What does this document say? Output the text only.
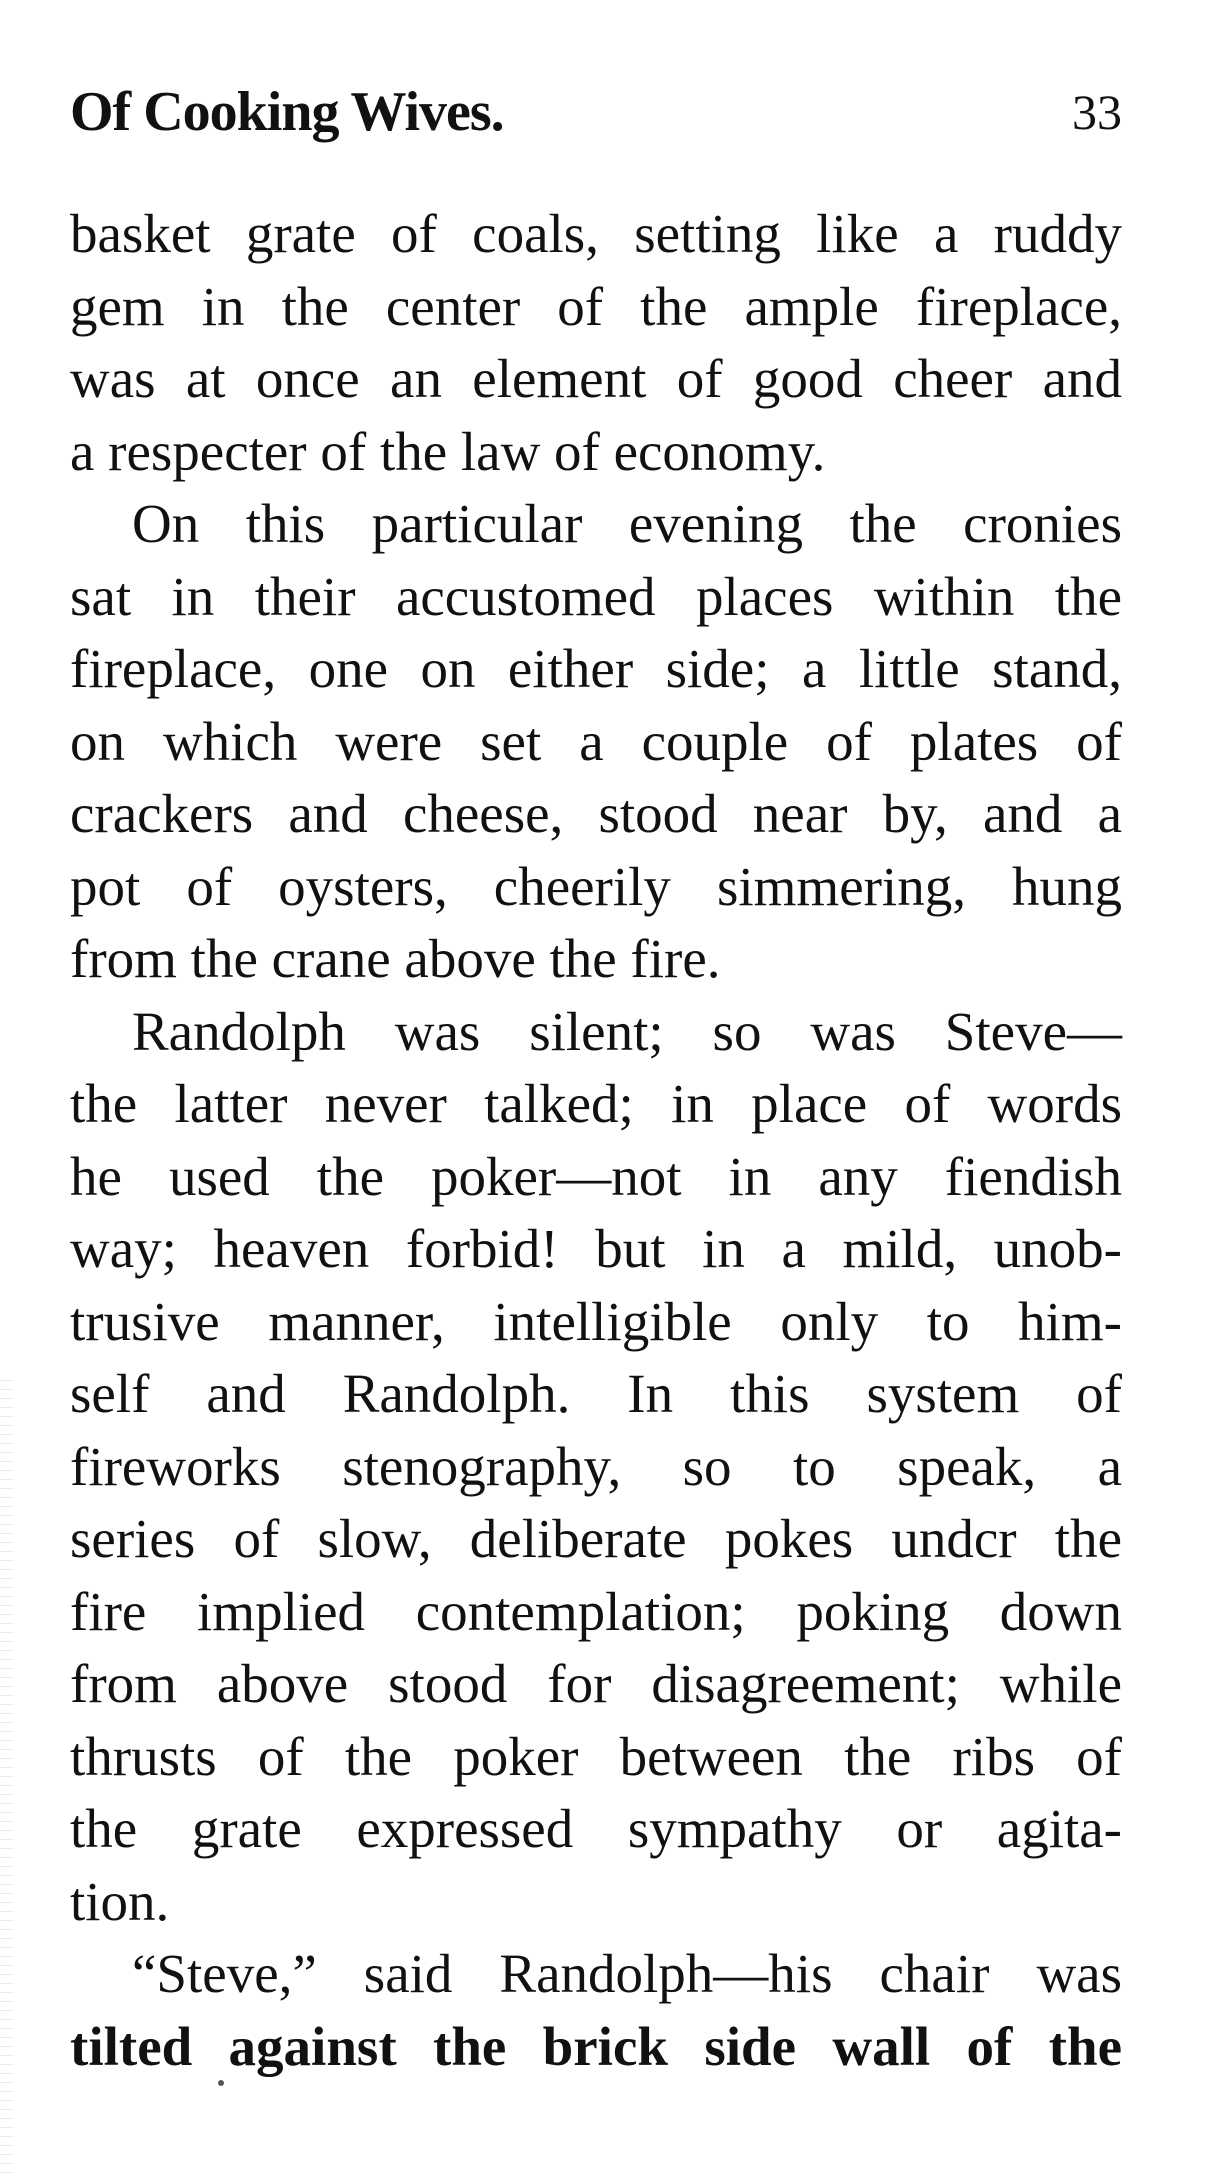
Of Cooking Wives.	33
basket grate of coals, setting like a ruddy
gem in the center of the ample fireplace,
was at once an element of good cheer and
a respecter of the law of economy.
On this particular evening the cronies
sat in their accustomed places within the
fireplace, one on either side; a little stand,
on which were set a couple of plates of
crackers and cheese, stood near by, and a
pot of oysters, cheerily simmering, hung
from the crane above the fire.
Randolph was silent; so was Steve—
the latter never talked; in place of words
he used the poker—not in any fiendish
way; heaven forbid! but in a mild, unob-
trusive manner, intelligible only to him-
self and Randolph. In this system of
fireworks stenography, so to speak, a
series of slow, deliberate pokes undcr the
fire implied contemplation; poking down
from above stood for disagreement; while
thrusts of the poker between the ribs of
the grate expressed sympathy or agita-
tion.
“Steve,” said Randolph—his chair was
tilted against the brick side wall of the
